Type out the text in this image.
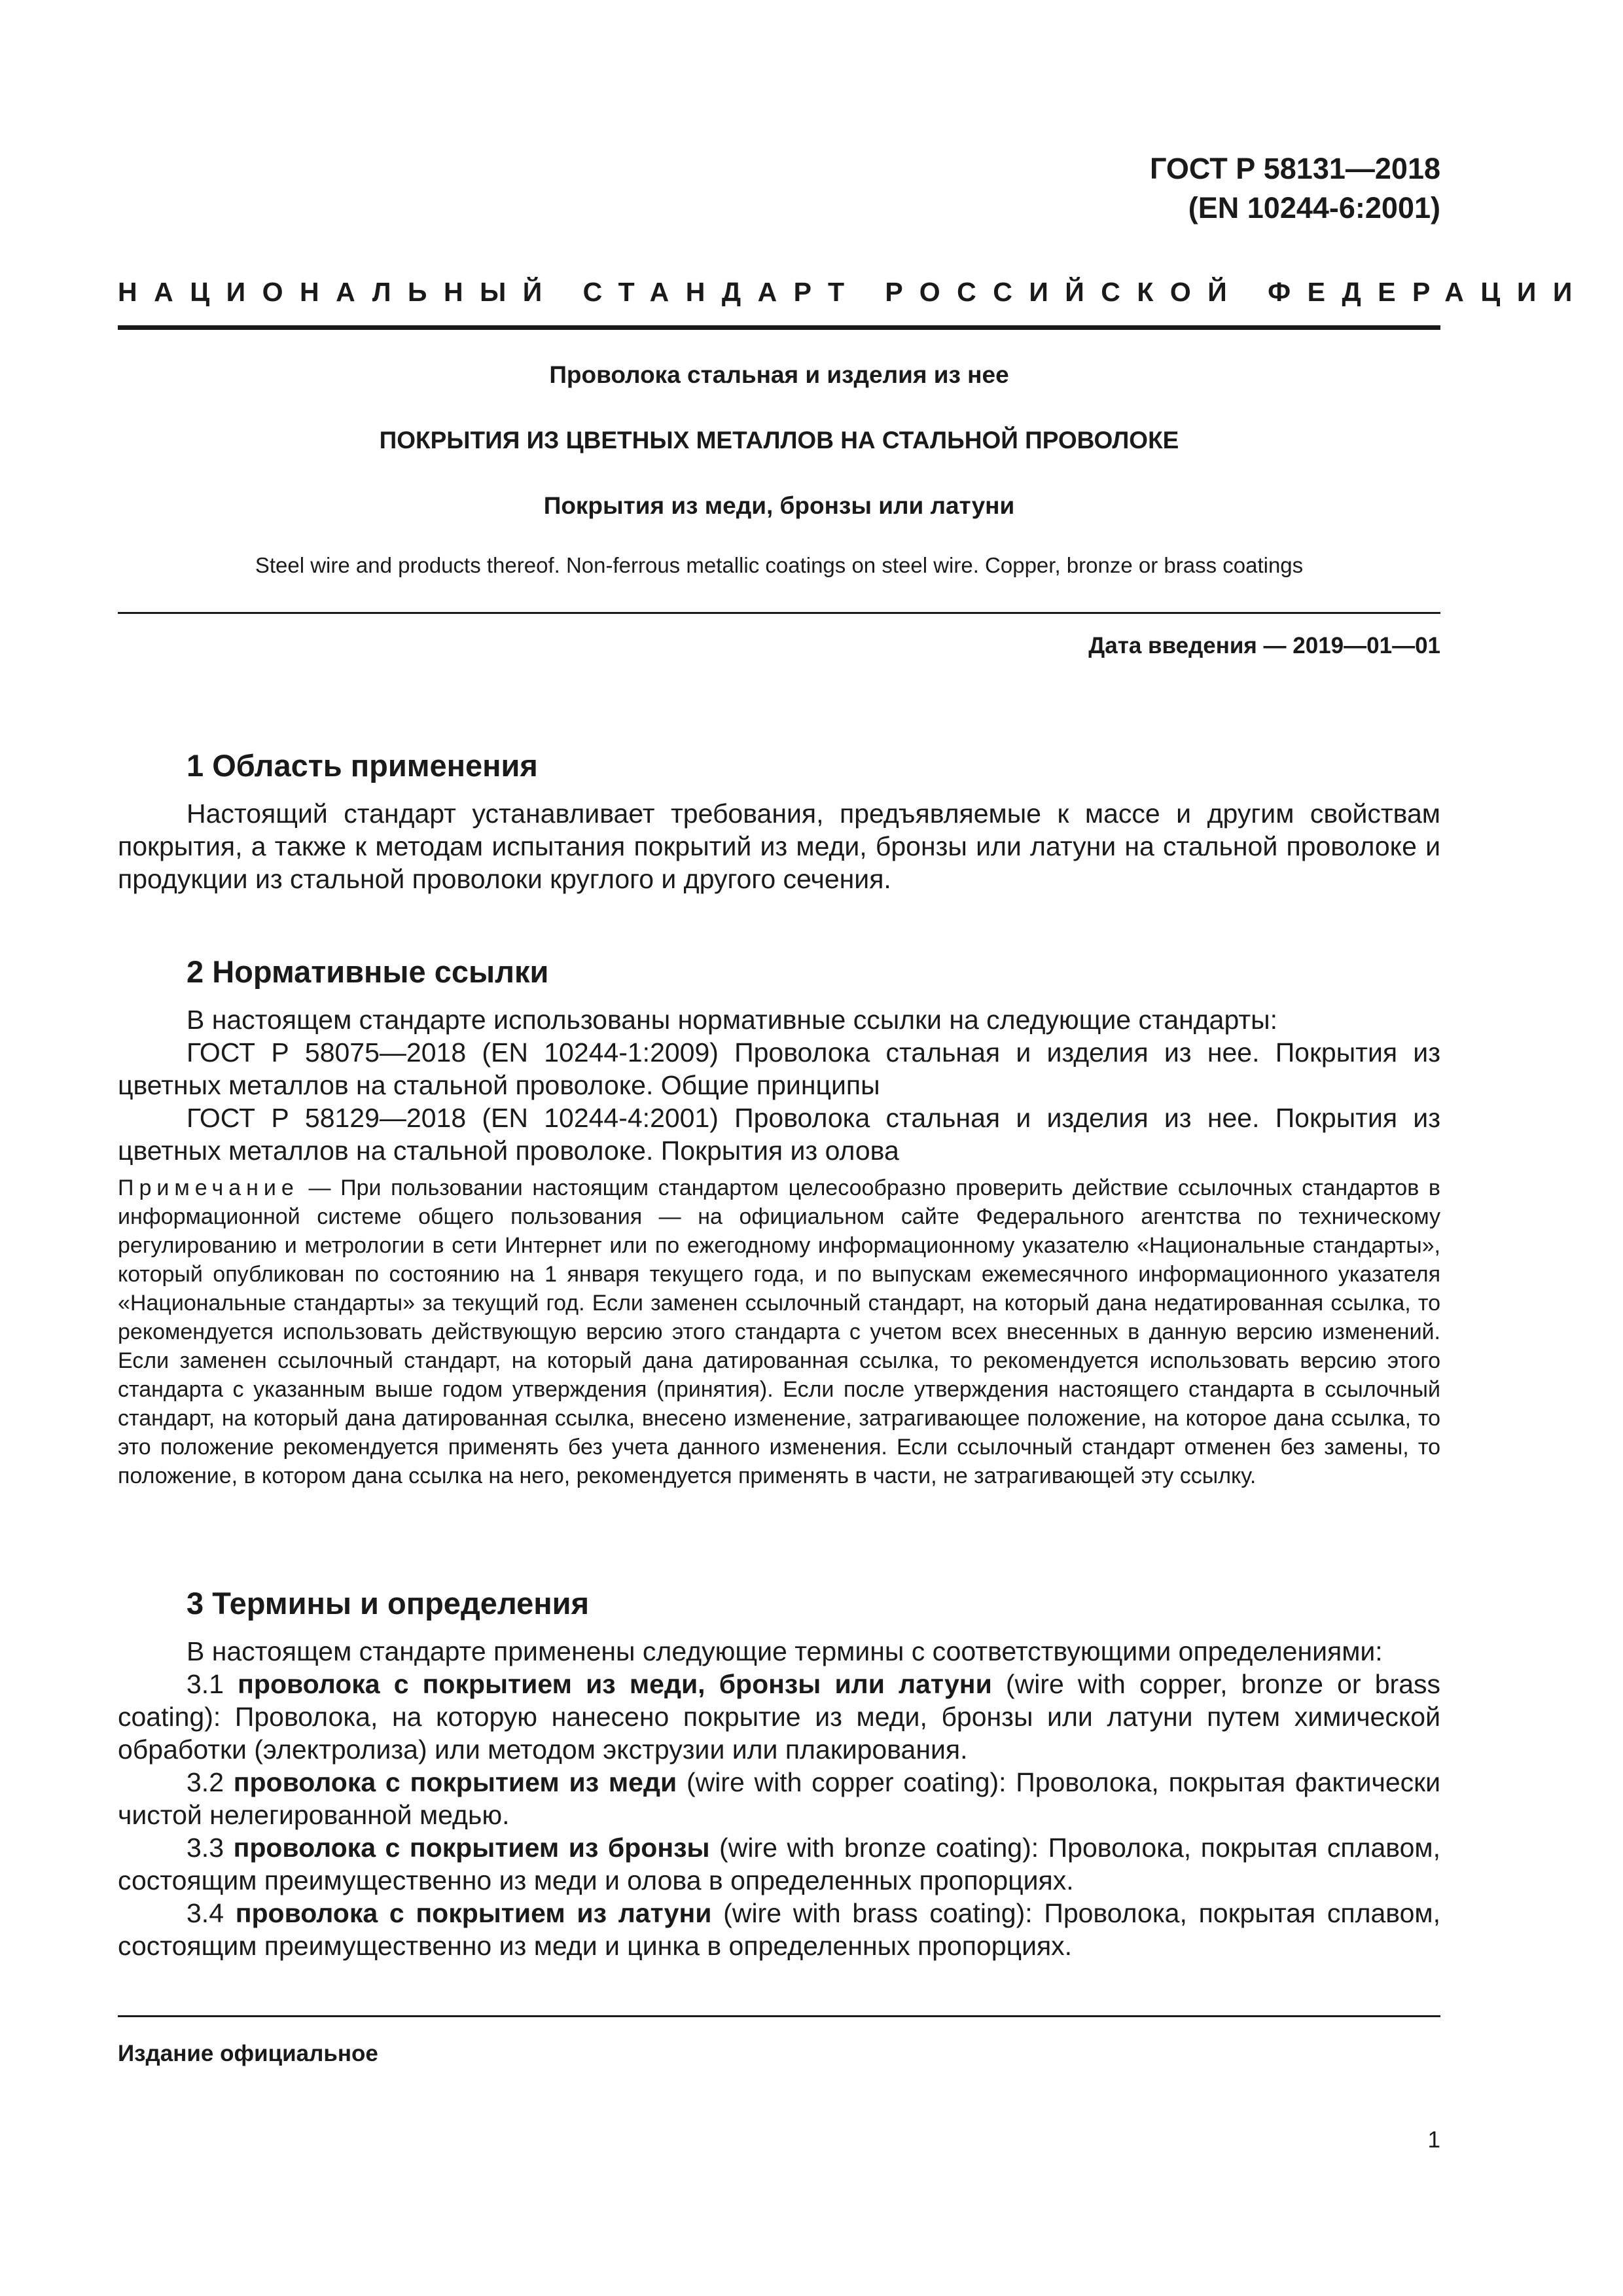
ГОСТ Р 58131—2018
(EN 10244-6:2001)
НАЦИОНАЛЬНЫЙ СТАНДАРТ РОССИЙСКОЙ ФЕДЕРАЦИИ
Проволока стальная и изделия из нее
ПОКРЫТИЯ ИЗ ЦВЕТНЫХ МЕТАЛЛОВ НА СТАЛЬНОЙ ПРОВОЛОКЕ
Покрытия из меди, бронзы или латуни
Steel wire and products thereof. Non-ferrous metallic coatings on steel wire. Copper, bronze or brass coatings
Дата введения — 2019—01—01
1 Область применения

Настоящий стандарт устанавливает требования, предъявляемые к массе и другим свойствам покрытия, а также к методам испытания покрытий из меди, бронзы или латуни на стальной проволоке и продукции из стальной проволоки круглого и другого сечения.

2 Нормативные ссылки

В настоящем стандарте использованы нормативные ссылки на следующие стандарты:

ГОСТ Р 58075—2018 (EN 10244-1:2009) Проволока стальная и изделия из нее. Покрытия из цветных металлов на стальной проволоке. Общие принципы

ГОСТ Р 58129—2018 (EN 10244-4:2001) Проволока стальная и изделия из нее. Покрытия из цветных металлов на стальной проволоке. Покрытия из олова

Примечание — При пользовании настоящим стандартом целесообразно проверить действие ссылочных стандартов в информационной системе общего пользования — на официальном сайте Федерального агентства по техническому регулированию и метрологии в сети Интернет или по ежегодному информационному указателю «Национальные стандарты», который опубликован по состоянию на 1 января текущего года, и по выпускам ежемесячного информационного указателя «Национальные стандарты» за текущий год. Если заменен ссылочный стандарт, на который дана недатированная ссылка, то рекомендуется использовать действующую версию этого стандарта с учетом всех внесенных в данную версию изменений. Если заменен ссылочный стандарт, на который дана датированная ссылка, то рекомендуется использовать версию этого стандарта с указанным выше годом утверждения (принятия). Если после утверждения настоящего стандарта в ссылочный стандарт, на который дана датированная ссылка, внесено изменение, затрагивающее положение, на которое дана ссылка, то это положение рекомендуется применять без учета данного изменения. Если ссылочный стандарт отменен без замены, то положение, в котором дана ссылка на него, рекомендуется применять в части, не затрагивающей эту ссылку.

3 Термины и определения

В настоящем стандарте применены следующие термины с соответствующими определениями:

3.1 проволока с покрытием из меди, бронзы или латуни (wire with copper, bronze or brass coating): Проволока, на которую нанесено покрытие из меди, бронзы или латуни путем химической обработки (электролиза) или методом экструзии или плакирования.

3.2 проволока с покрытием из меди (wire with copper coating): Проволока, покрытая фактически чистой нелегированной медью.

3.3 проволока с покрытием из бронзы (wire with bronze coating): Проволока, покрытая сплавом, состоящим преимущественно из меди и олова в определенных пропорциях.

3.4 проволока с покрытием из латуни (wire with brass coating): Проволока, покрытая сплавом, состоящим преимущественно из меди и цинка в определенных пропорциях.

Издание официальное
1
